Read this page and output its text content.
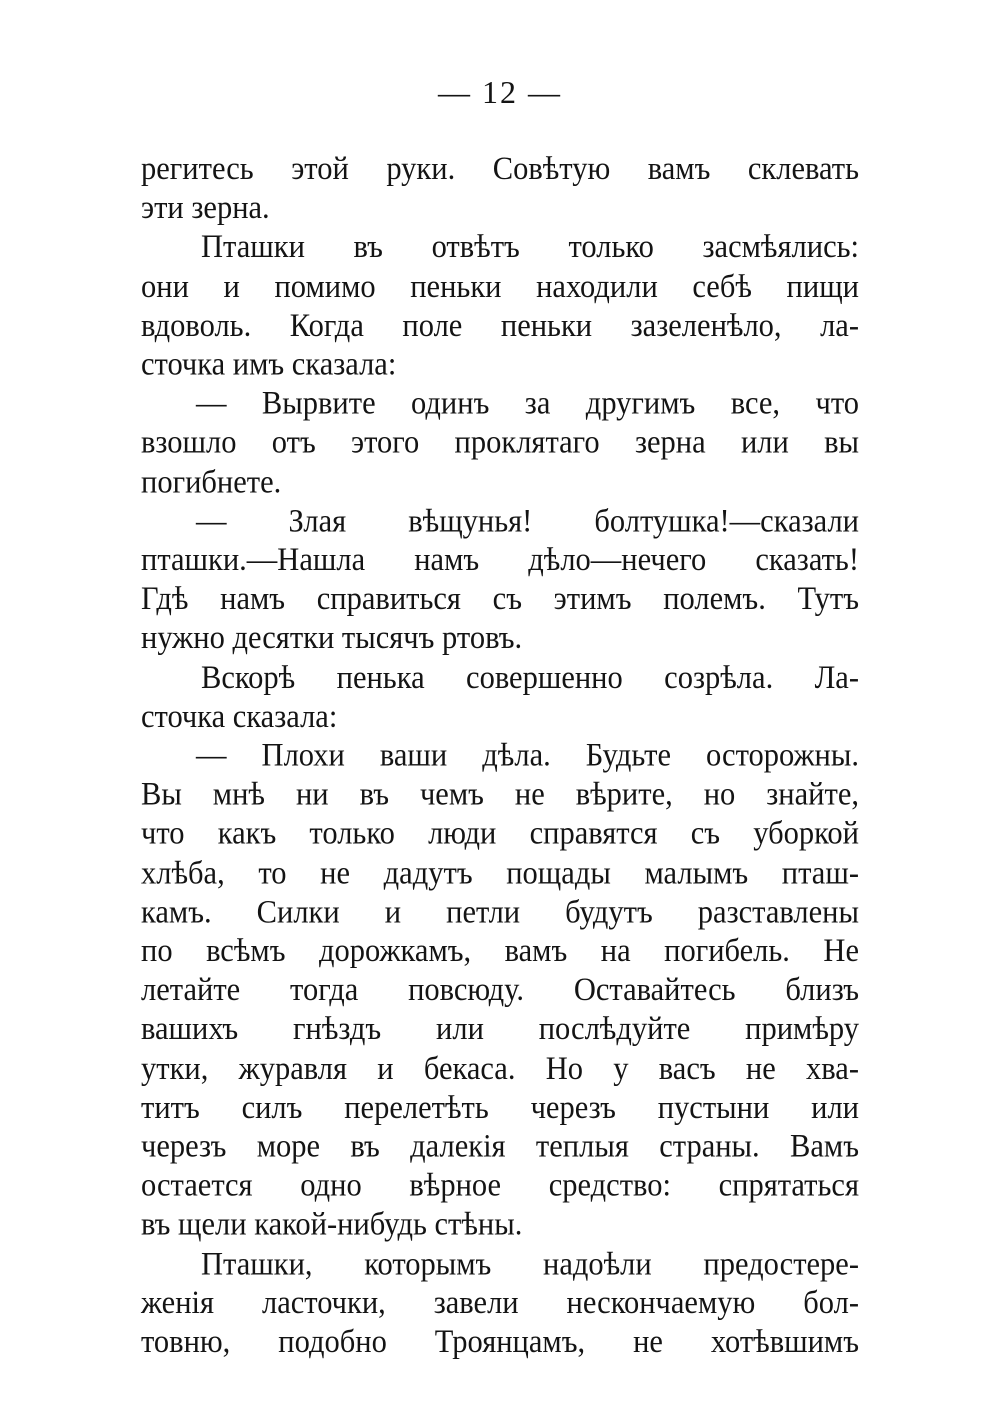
— 12 —
регитесь этой руки. Совѣтую вамъ склевать
эти зерна.
Пташки въ отвѣтъ только засмѣялись:
они и помимо пеньки находили себѣ пищи
вдоволь. Когда поле пеньки зазеленѣло, ла-
сточка имъ сказала:
— Вырвите одинъ за другимъ все, что
взошло отъ этого проклятаго зерна или вы
погибнете.
— Злая вѣщунья! болтушка!—сказали
пташки.—Нашла намъ дѣло—нечего сказать!
Гдѣ намъ справиться съ этимъ полемъ. Тутъ
нужно десятки тысячъ ртовъ.
Вскорѣ пенька совершенно созрѣла. Ла-
сточка сказала:
— Плохи ваши дѣла. Будьте осторожны.
Вы мнѣ ни въ чемъ не вѣрите, но знайте,
что какъ только люди справятся съ уборкой
хлѣба, то не дадутъ пощады малымъ пташ-
камъ. Силки и петли будутъ разставлены
по всѣмъ дорожкамъ, вамъ на погибель. Не
летайте тогда повсюду. Оставайтесь близъ
вашихъ гнѣздъ или послѣдуйте примѣру
утки, журавля и бекаса. Но у васъ не хва-
титъ силъ перелетѣть черезъ пустыни или
черезъ море въ далекія теплыя страны. Вамъ
остается одно вѣрное средство: спрятаться
въ щели какой-нибудь стѣны.
Пташки, которымъ надоѣли предостере-
женія ласточки, завели нескончаемую бол-
товню, подобно Троянцамъ, не хотѣвшимъ
